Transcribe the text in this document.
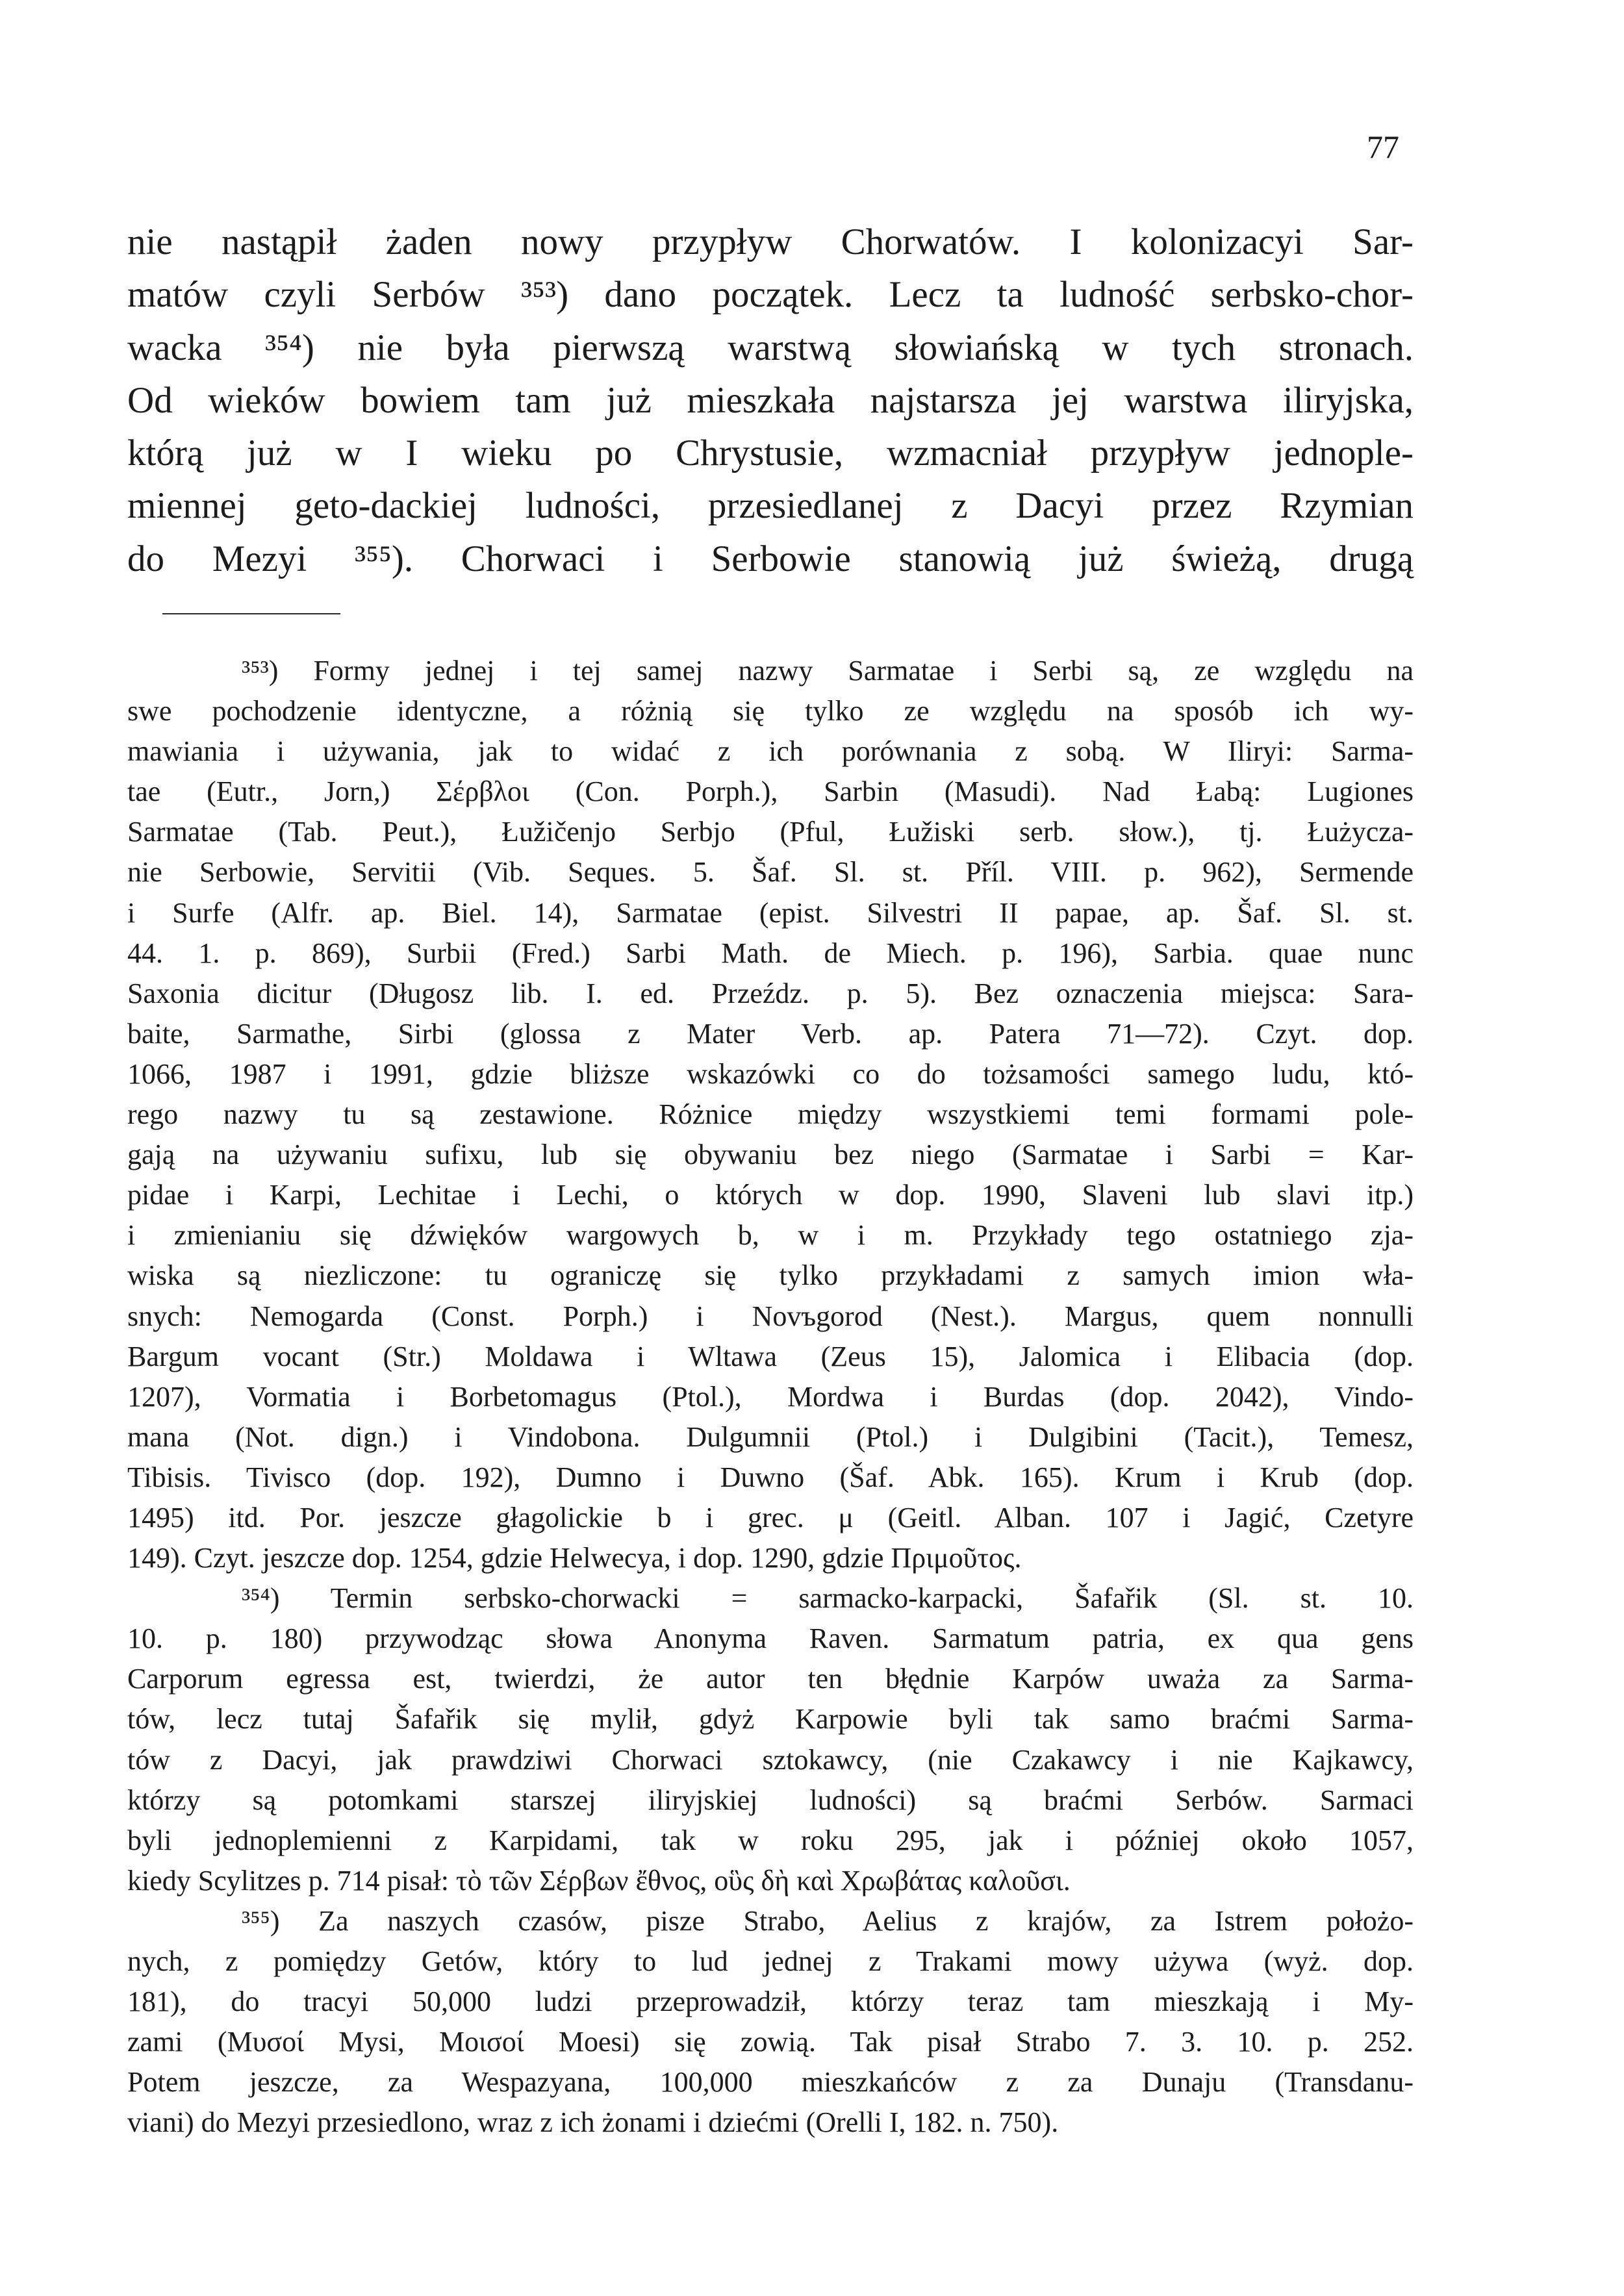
77
nie nastąpił żaden nowy przypływ Chorwatów. I kolonizacyi Sar-
matów czyli Serbów ³⁵³) dano początek. Lecz ta ludność serbsko-chor-
wacka ³⁵⁴) nie była pierwszą warstwą słowiańską w tych stronach.
Od wieków bowiem tam już mieszkała najstarsza jej warstwa iliryjska,
którą już w I wieku po Chrystusie, wzmacniał przypływ jednople-
miennej geto-dackiej ludności, przesiedlanej z Dacyi przez Rzymian
do Mezyi ³⁵⁵). Chorwaci i Serbowie stanowią już świeżą, drugą
³⁵³) Formy jednej i tej samej nazwy Sarmatae i Serbi są, ze względu na
swe pochodzenie identyczne, a różnią się tylko ze względu na sposób ich wy-
mawiania i używania, jak to widać z ich porównania z sobą. W Iliryi: Sarma-
tae (Eutr., Jorn,) Σέρβλοι (Con. Porph.), Sarbin (Masudi). Nad Łabą: Lugiones
Sarmatae (Tab. Peut.), Łužičenjo Serbjo (Pful, Łužiski serb. słow.), tj. Łużycza-
nie Serbowie, Servitii (Vib. Seques. 5. Šaf. Sl. st. Příl. VIII. p. 962), Sermende
i Surfe (Alfr. ap. Biel. 14), Sarmatae (epist. Silvestri II papae, ap. Šaf. Sl. st.
44. 1. p. 869), Surbii (Fred.) Sarbi Math. de Miech. p. 196), Sarbia. quae nunc
Saxonia dicitur (Długosz lib. I. ed. Przeźdz. p. 5). Bez oznaczenia miejsca: Sara-
baite, Sarmathe, Sirbi (glossa z Mater Verb. ap. Patera 71—72). Czyt. dop.
1066, 1987 i 1991, gdzie bliższe wskazówki co do tożsamości samego ludu, któ-
rego nazwy tu są zestawione. Różnice między wszystkiemi temi formami pole-
gają na używaniu sufixu, lub się obywaniu bez niego (Sarmatae i Sarbi = Kar-
pidae i Karpi, Lechitae i Lechi, o których w dop. 1990, Slaveni lub slavi itp.)
i zmienianiu się dźwięków wargowych b, w i m. Przykłady tego ostatniego zja-
wiska są niezliczone: tu ograniczę się tylko przykładami z samych imion wła-
snych: Nemogarda (Const. Porph.) i Novъgorod (Nest.). Margus, quem nonnulli
Bargum vocant (Str.) Moldawa i Wltawa (Zeus 15), Jalomica i Elibacia (dop.
1207), Vormatia i Borbetomagus (Ptol.), Mordwa i Burdas (dop. 2042), Vindo-
mana (Not. dign.) i Vindobona. Dulgumnii (Ptol.) i Dulgibini (Tacit.), Temesz,
Tibisis. Tivisco (dop. 192), Dumno i Duwno (Šaf. Abk. 165). Krum i Krub (dop.
1495) itd. Por. jeszcze głagolickie b i grec. μ (Geitl. Alban. 107 i Jagić, Czetyre
149). Czyt. jeszcze dop. 1254, gdzie Helwecya, i dop. 1290, gdzie Πριμοῦτος.
³⁵⁴) Termin serbsko-chorwacki = sarmacko-karpacki, Šafařik (Sl. st. 10.
10. p. 180) przywodząc słowa Anonyma Raven. Sarmatum patria, ex qua gens
Carporum egressa est, twierdzi, że autor ten błędnie Karpów uważa za Sarma-
tów, lecz tutaj Šafařik się mylił, gdyż Karpowie byli tak samo braćmi Sarma-
tów z Dacyi, jak prawdziwi Chorwaci sztokawcy, (nie Czakawcy i nie Kajkawcy,
którzy są potomkami starszej iliryjskiej ludności) są braćmi Serbów. Sarmaci
byli jednoplemienni z Karpidami, tak w roku 295, jak i później około 1057,
kiedy Scylitzes p. 714 pisał: τὸ τῶν Σέρβων ἔθνος, οὓς δὴ καὶ Χρωβάτας καλοῦσι.
³⁵⁵) Za naszych czasów, pisze Strabo, Aelius z krajów, za Istrem położo-
nych, z pomiędzy Getów, który to lud jednej z Trakami mowy używa (wyż. dop.
181), do tracyi 50,000 ludzi przeprowadził, którzy teraz tam mieszkają i My-
zami (Μυσοί Mysi, Μοισοί Moesi) się zowią. Tak pisał Strabo 7. 3. 10. p. 252.
Potem jeszcze, za Wespazyana, 100,000 mieszkańców z za Dunaju (Transdanu-
viani) do Mezyi przesiedlono, wraz z ich żonami i dziećmi (Orelli I, 182. n. 750).
